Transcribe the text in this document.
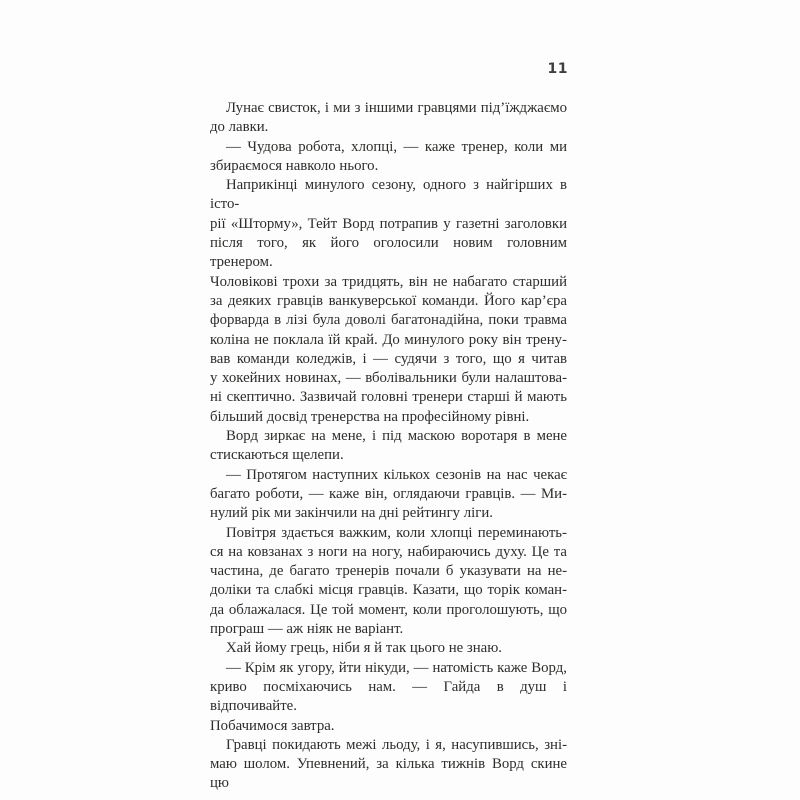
11
Лунає свисток, і ми з іншими гравцями під’їжджаємо
до лавки.
— Чудова робота, хлопці, — каже тренер, коли ми
збираємося навколо нього.
Наприкінці минулого сезону, одного з найгірших в істо-
рії «Шторму», Тейт Ворд потрапив у газетні заголовки
після того, як його оголосили новим головним тренером.
Чоловікові трохи за тридцять, він не набагато старший
за деяких гравців ванкуверської команди. Його кар’єра
форварда в лізі була доволі багатонадійна, поки травма
коліна не поклала їй край. До минулого року він трену-
вав команди коледжів, і — судячи з того, що я читав
у хокейних новинах, — вболівальники були налаштова-
ні скептично. Зазвичай головні тренери старші й мають
більший досвід тренерства на професійному рівні.
Ворд зиркає на мене, і під маскою воротаря в мене
стискаються щелепи.
— Протягом наступних кількох сезонів на нас чекає
багато роботи, — каже він, оглядаючи гравців. — Ми-
нулий рік ми закінчили на дні рейтингу ліги.
Повітря здається важким, коли хлопці переминають-
ся на ковзанах з ноги на ногу, набираючись духу. Це та
частина, де багато тренерів почали б указувати на не-
доліки та слабкі місця гравців. Казати, що торік коман-
да облажалася. Це той момент, коли проголошують, що
програш — аж ніяк не варіант.
Хай йому грець, ніби я й так цього не знаю.
— Крім як угору, йти нікуди, — натомість каже Ворд,
криво посміхаючись нам. — Гайда в душ і відпочивайте.
Побачимося завтра.
Гравці покидають межі льоду, і я, насупившись, зні-
маю шолом. Упевнений, за кілька тижнів Ворд скине цю
